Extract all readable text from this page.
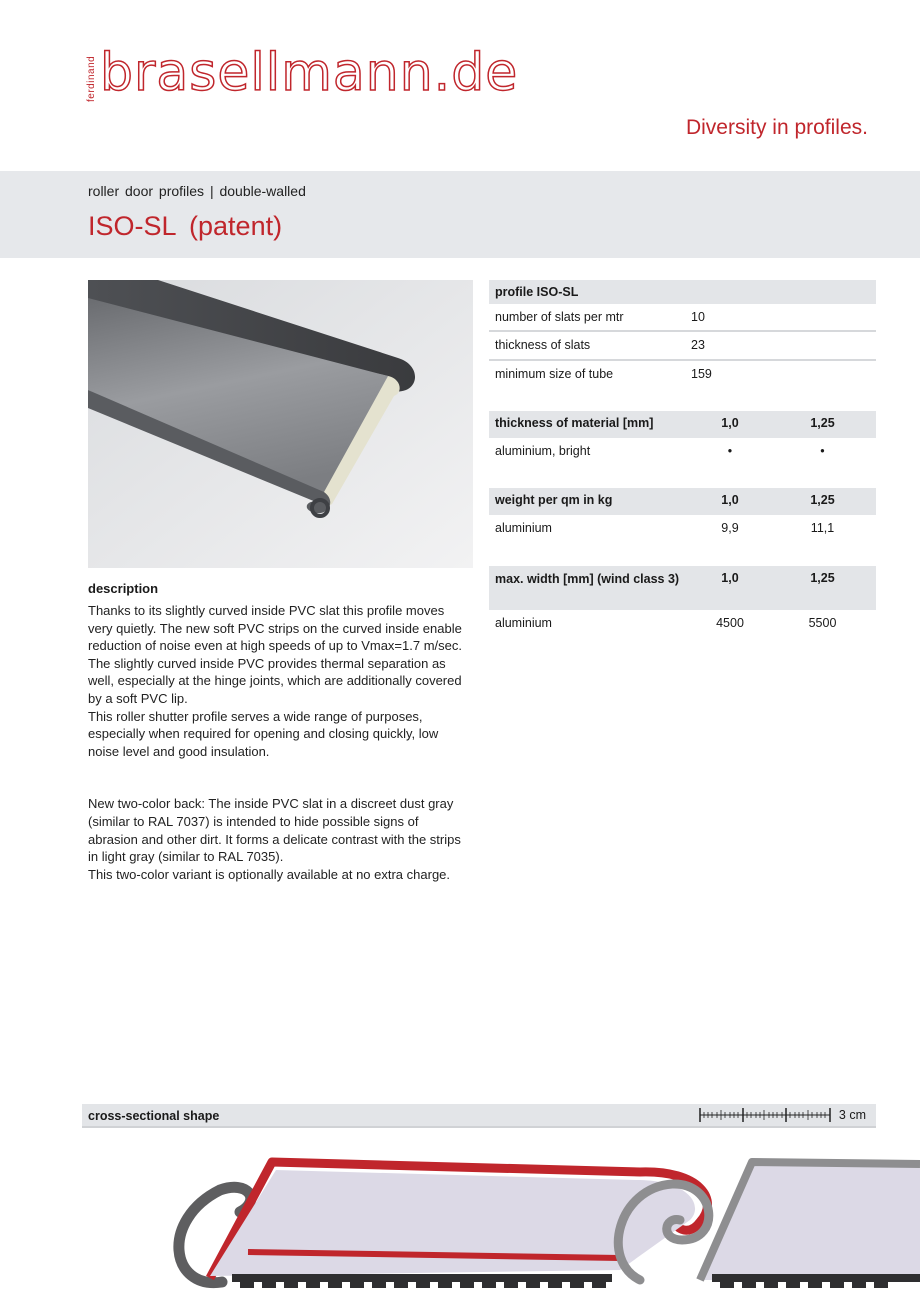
ferdinand brasellmann.de
Diversity in profiles.
roller door profiles | double-walled
ISO-SL (patent)
description

Thanks to its slightly curved inside PVC slat this profile moves very quietly. The new soft PVC strips on the curved inside enable reduction of noise even at high speeds of up to Vmax=1.7 m/sec.

The slightly curved inside PVC provides thermal separation as well, especially at the hinge joints, which are additionally covered by a soft PVC lip.

This roller shutter profile serves a wide range of purposes, especially when required for opening and closing quickly, low noise level and good insulation.

New two-color back: The inside PVC slat in a discreet dust gray (similar to RAL 7037) is intended to hide possible signs of abrasion and other dirt. It forms a delicate contrast with the strips in light gray (similar to RAL 7035).

This two-color variant is optionally available at no extra charge.

profile ISO-SL
number of slats per mtr	10
thickness of slats	23
minimum size of tube	159
thickness of material [mm]	1,0	1,25
aluminium, bright	•	•
weight per qm in kg	1,0	1,25
aluminium	9,9	11,1
max. width [mm] (wind class 3)	1,0	1,25
aluminium	4500	5500
cross-sectional shape	3 cm
